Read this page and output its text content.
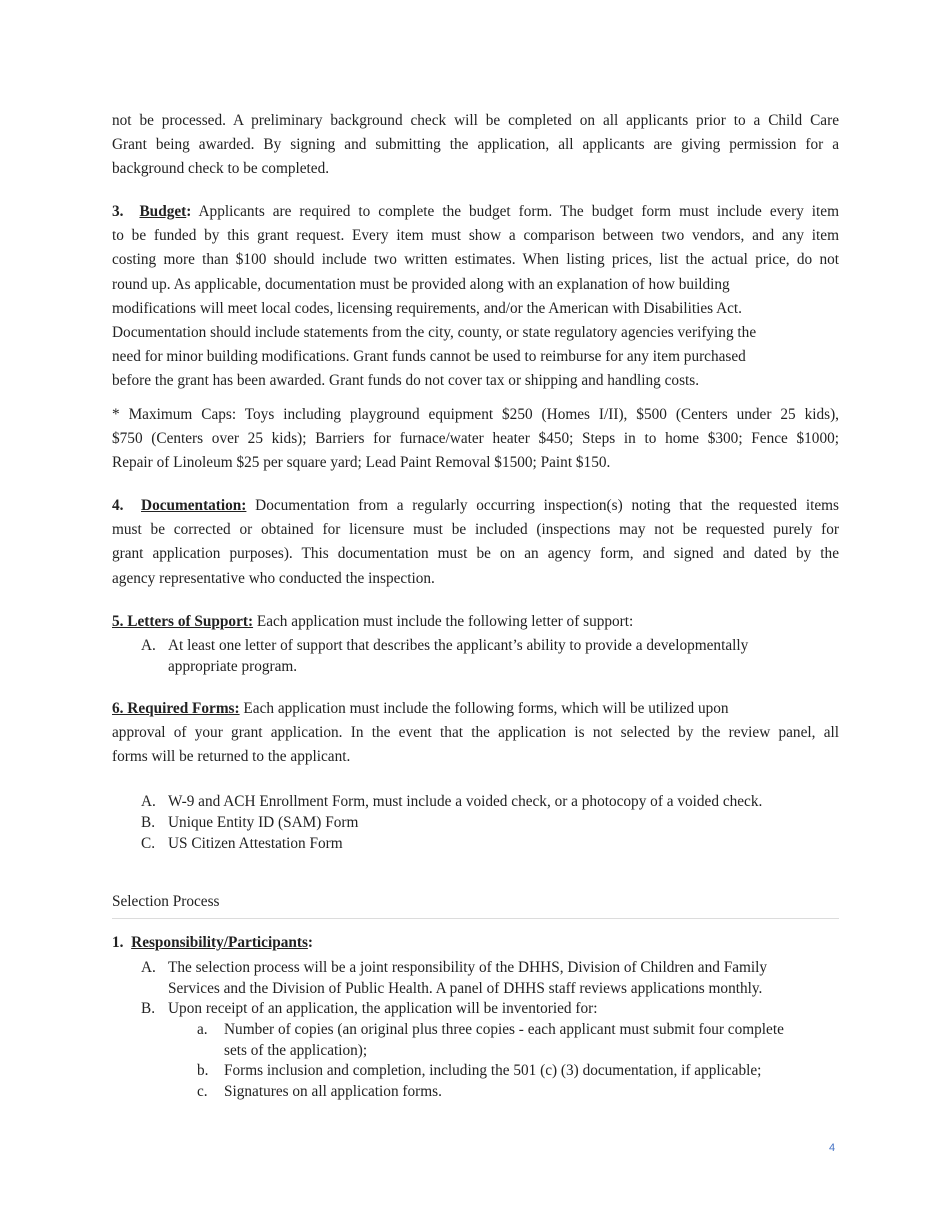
not be processed. A preliminary background check will be completed on all applicants prior to a Child Care
Grant being awarded. By signing and submitting the application, all applicants are giving permission for a
background check to be completed.
3. Budget: Applicants are required to complete the budget form. The budget form must include every item
to be funded by this grant request. Every item must show a comparison between two vendors, and any item
costing more than $100 should include two written estimates. When listing prices, list the actual price, do not
round up. As applicable, documentation must be provided along with an explanation of how building
modifications will meet local codes, licensing requirements, and/or the American with Disabilities Act.
Documentation should include statements from the city, county, or state regulatory agencies verifying the
need for minor building modifications. Grant funds cannot be used to reimburse for any item purchased
before the grant has been awarded. Grant funds do not cover tax or shipping and handling costs.
* Maximum Caps: Toys including playground equipment $250 (Homes I/II), $500 (Centers under 25 kids),
$750 (Centers over 25 kids); Barriers for furnace/water heater $450; Steps in to home $300; Fence $1000;
Repair of Linoleum $25 per square yard; Lead Paint Removal $1500; Paint $150.
4. Documentation: Documentation from a regularly occurring inspection(s) noting that the requested items
must be corrected or obtained for licensure must be included (inspections may not be requested purely for
grant application purposes). This documentation must be on an agency form, and signed and dated by the
agency representative who conducted the inspection.
5. Letters of Support: Each application must include the following letter of support:
A. At least one letter of support that describes the applicant’s ability to provide a developmentally
appropriate program.
6. Required Forms: Each application must include the following forms, which will be utilized upon
approval of your grant application. In the event that the application is not selected by the review panel, all
forms will be returned to the applicant.
A. W-9 and ACH Enrollment Form, must include a voided check, or a photocopy of a voided check.
B. Unique Entity ID (SAM) Form
C. US Citizen Attestation Form
Selection Process
1. Responsibility/Participants:
A. The selection process will be a joint responsibility of the DHHS, Division of Children and Family
Services and the Division of Public Health. A panel of DHHS staff reviews applications monthly.
B. Upon receipt of an application, the application will be inventoried for:
a. Number of copies (an original plus three copies - each applicant must submit four complete
sets of the application);
b. Forms inclusion and completion, including the 501 (c) (3) documentation, if applicable;
c. Signatures on all application forms.
4
